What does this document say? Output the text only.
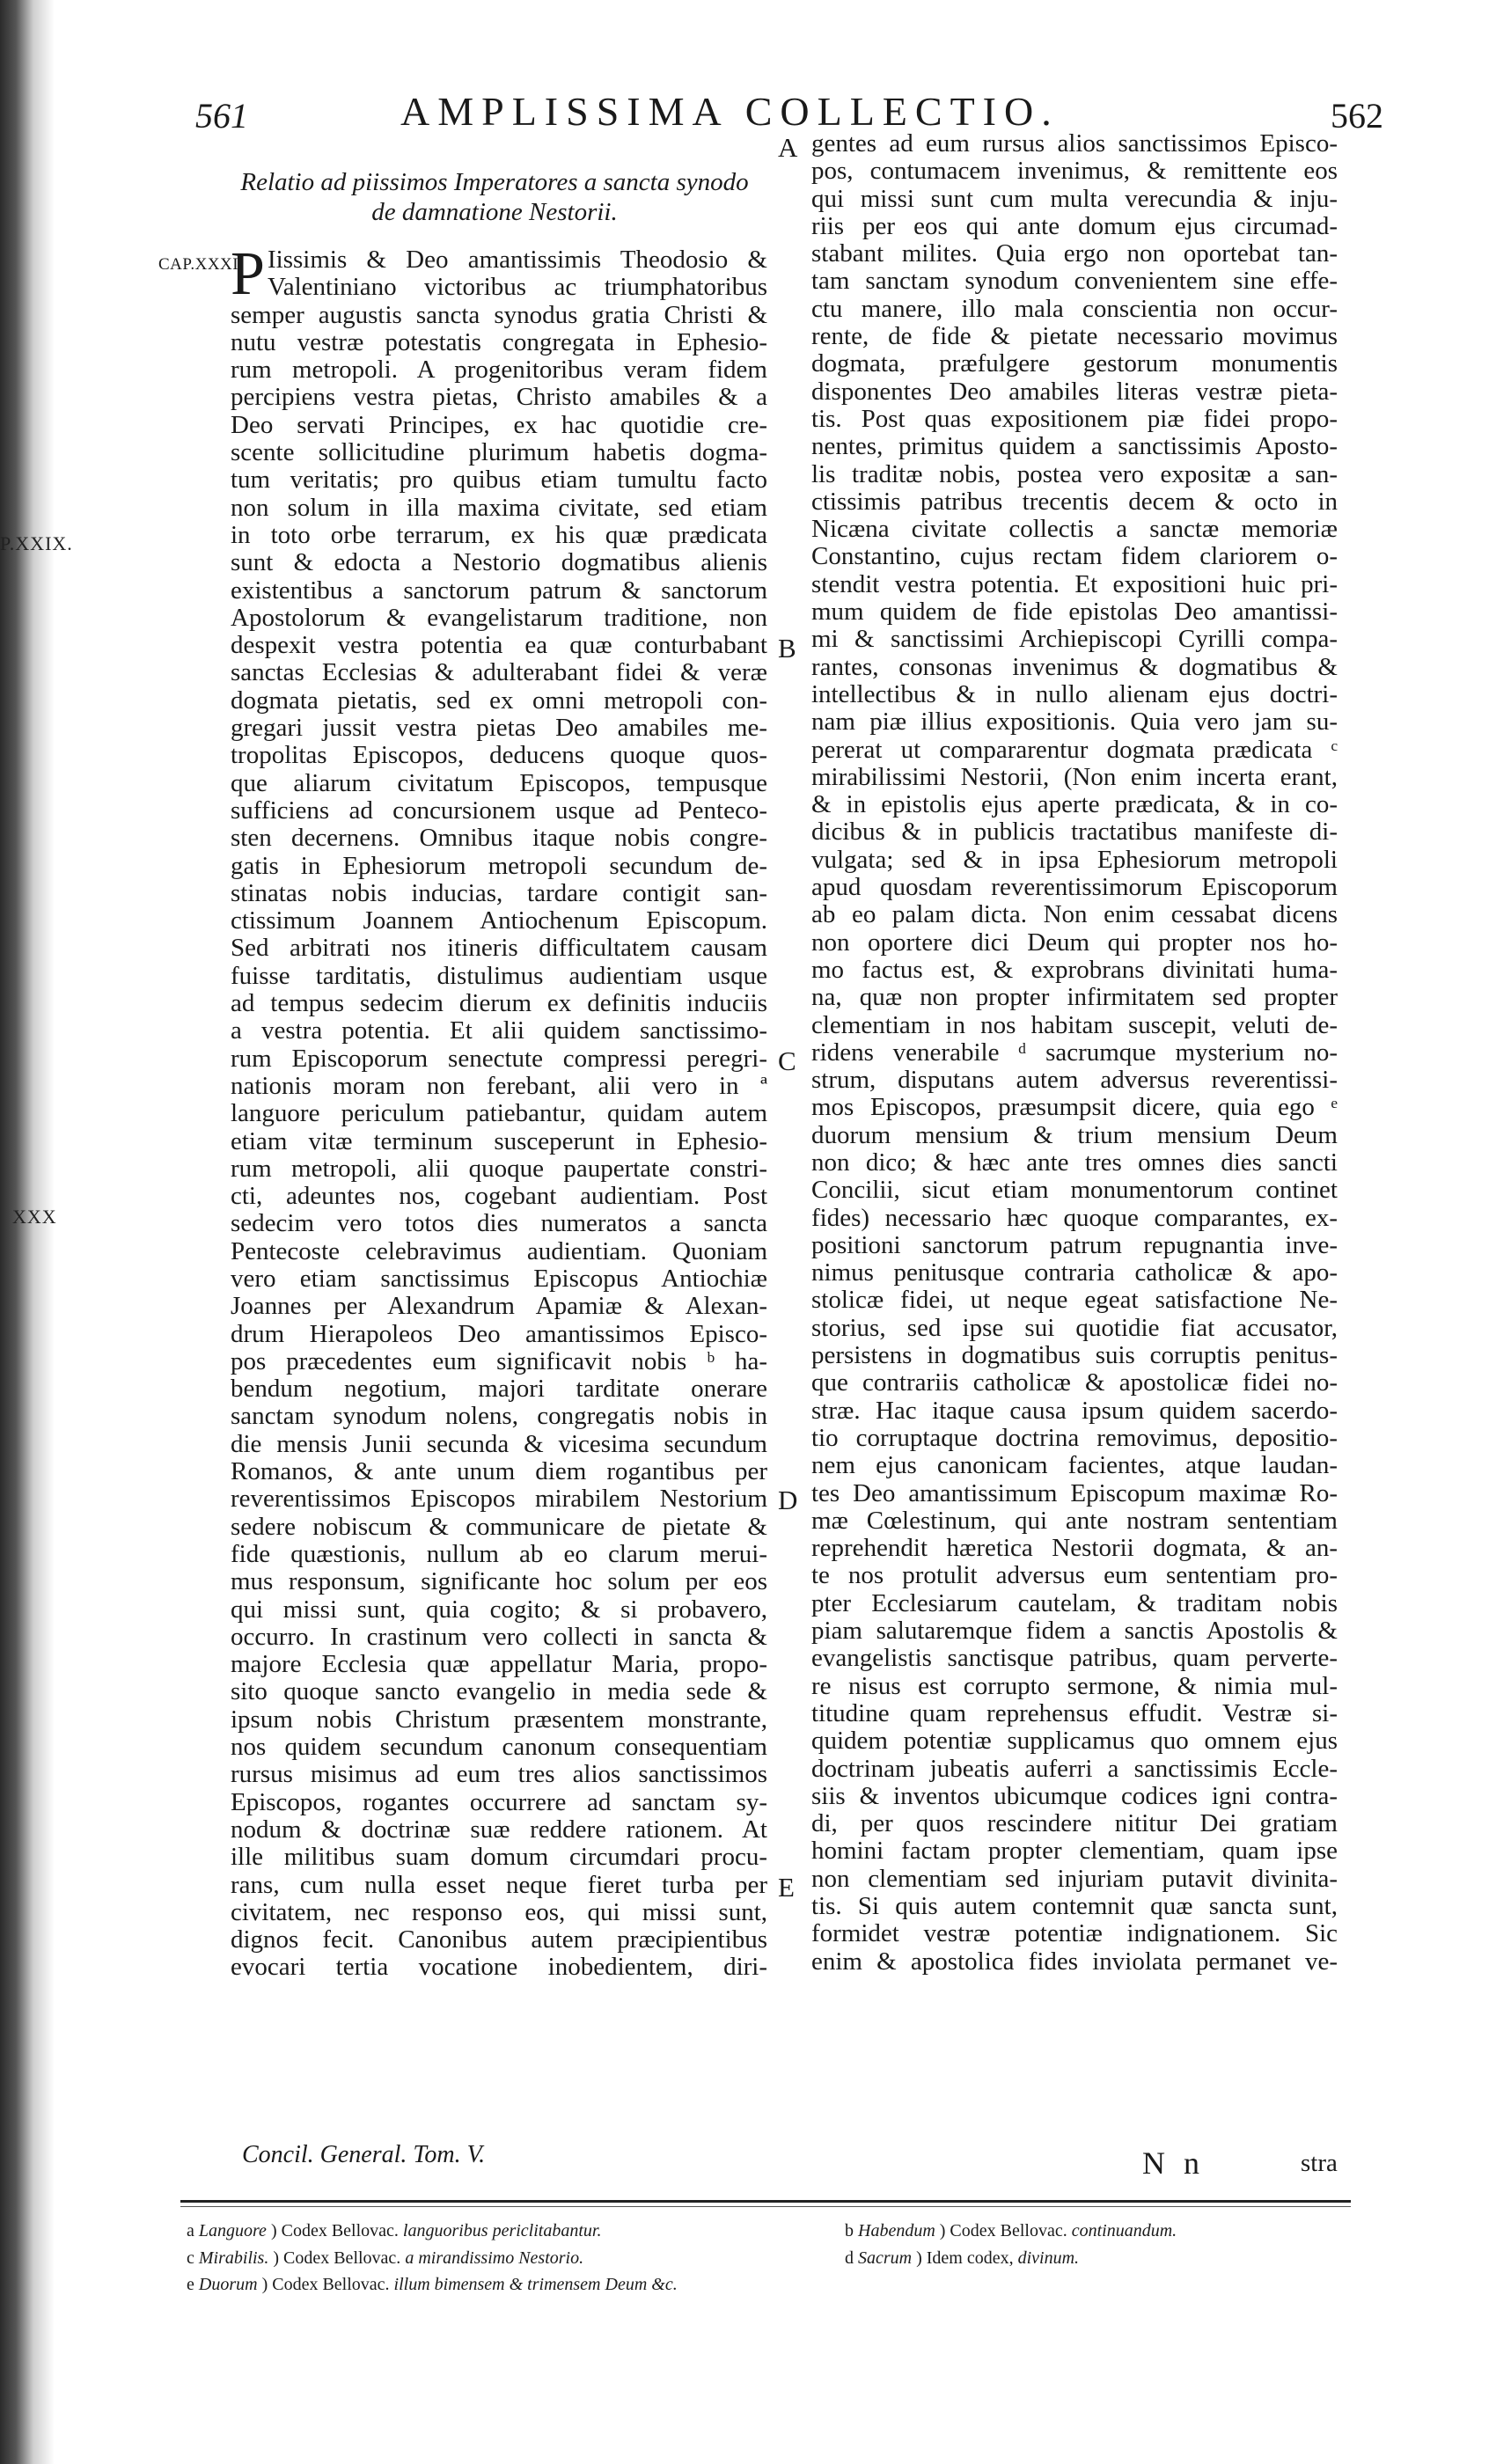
P.XXIX.
XXX
561	AMPLISSIMA COLLECTIO.	562
Relatio ad piissimos Imperatores a sancta synodo
de damnatione Nestorii.
CAP.XXXI.
P
A
B
C
D
E
Iissimis & Deo amantissimis Theodosio &
Valentiniano victoribus ac triumphatoribus
semper augustis sancta synodus gratia Christi &
nutu vestræ potestatis congregata in Ephesio-
rum metropoli. A progenitoribus veram fidem
percipiens vestra pietas, Christo amabiles & a
Deo servati Principes, ex hac quotidie cre-
scente sollicitudine plurimum habetis dogma-
tum veritatis; pro quibus etiam tumultu facto
non solum in illa maxima civitate, sed etiam
in toto orbe terrarum, ex his quæ prædicata
sunt & edocta a Nestorio dogmatibus alienis
existentibus a sanctorum patrum & sanctorum
Apostolorum & evangelistarum traditione, non
despexit vestra potentia ea quæ conturbabant
sanctas Ecclesias & adulterabant fidei & veræ
dogmata pietatis, sed ex omni metropoli con-
gregari jussit vestra pietas Deo amabiles me-
tropolitas Episcopos, deducens quoque quos-
que aliarum civitatum Episcopos, tempusque
sufficiens ad concursionem usque ad Penteco-
sten decernens. Omnibus itaque nobis congre-
gatis in Ephesiorum metropoli secundum de-
stinatas nobis inducias, tardare contigit san-
ctissimum Joannem Antiochenum Episcopum.
Sed arbitrati nos itineris difficultatem causam
fuisse tarditatis, distulimus audientiam usque
ad tempus sedecim dierum ex definitis induciis
a vestra potentia. Et alii quidem sanctissimo-
rum Episcoporum senectute compressi peregri-
nationis moram non ferebant, alii vero in ª
languore periculum patiebantur, quidam autem
etiam vitæ terminum susceperunt in Ephesio-
rum metropoli, alii quoque paupertate constri-
cti, adeuntes nos, cogebant audientiam. Post
sedecim vero totos dies numeratos a sancta
Pentecoste celebravimus audientiam. Quoniam
vero etiam sanctissimus Episcopus Antiochiæ
Joannes per Alexandrum Apamiæ & Alexan-
drum Hierapoleos Deo amantissimos Episco-
pos præcedentes eum significavit nobis ᵇ ha-
bendum negotium, majori tarditate onerare
sanctam synodum nolens, congregatis nobis in
die mensis Junii secunda & vicesima secundum
Romanos, & ante unum diem rogantibus per
reverentissimos Episcopos mirabilem Nestorium
sedere nobiscum & communicare de pietate &
fide quæstionis, nullum ab eo clarum merui-
mus responsum, significante hoc solum per eos
qui missi sunt, quia cogito; & si probavero,
occurro. In crastinum vero collecti in sancta &
majore Ecclesia quæ appellatur Maria, propo-
sito quoque sancto evangelio in media sede &
ipsum nobis Christum præsentem monstrante,
nos quidem secundum canonum consequentiam
rursus misimus ad eum tres alios sanctissimos
Episcopos, rogantes occurrere ad sanctam sy-
nodum & doctrinæ suæ reddere rationem. At
ille militibus suam domum circumdari procu-
rans, cum nulla esset neque fieret turba per
civitatem, nec responso eos, qui missi sunt,
dignos fecit. Canonibus autem præcipientibus
evocari tertia vocatione inobedientem, diri-
gentes ad eum rursus alios sanctissimos Episco-
pos, contumacem invenimus, & remittente eos
qui missi sunt cum multa verecundia & inju-
riis per eos qui ante domum ejus circumad-
stabant milites. Quia ergo non oportebat tan-
tam sanctam synodum convenientem sine effe-
ctu manere, illo mala conscientia non occur-
rente, de fide & pietate necessario movimus
dogmata, præfulgere gestorum monumentis
disponentes Deo amabiles literas vestræ pieta-
tis. Post quas expositionem piæ fidei propo-
nentes, primitus quidem a sanctissimis Aposto-
lis traditæ nobis, postea vero expositæ a san-
ctissimis patribus trecentis decem & octo in
Nicæna civitate collectis a sanctæ memoriæ
Constantino, cujus rectam fidem clariorem o-
stendit vestra potentia. Et expositioni huic pri-
mum quidem de fide epistolas Deo amantissi-
mi & sanctissimi Archiepiscopi Cyrilli compa-
rantes, consonas invenimus & dogmatibus &
intellectibus & in nullo alienam ejus doctri-
nam piæ illius expositionis. Quia vero jam su-
pererat ut compararentur dogmata prædicata ᶜ
mirabilissimi Nestorii, (Non enim incerta erant,
& in epistolis ejus aperte prædicata, & in co-
dicibus & in publicis tractatibus manifeste di-
vulgata; sed & in ipsa Ephesiorum metropoli
apud quosdam reverentissimorum Episcoporum
ab eo palam dicta. Non enim cessabat dicens
non oportere dici Deum qui propter nos ho-
mo factus est, & exprobrans divinitati huma-
na, quæ non propter infirmitatem sed propter
clementiam in nos habitam suscepit, veluti de-
ridens venerabile ᵈ sacrumque mysterium no-
strum, disputans autem adversus reverentissi-
mos Episcopos, præsumpsit dicere, quia ego ᵉ
duorum mensium & trium mensium Deum
non dico; & hæc ante tres omnes dies sancti
Concilii, sicut etiam monumentorum continet
fides) necessario hæc quoque comparantes, ex-
positioni sanctorum patrum repugnantia inve-
nimus penitusque contraria catholicæ & apo-
stolicæ fidei, ut neque egeat satisfactione Ne-
storius, sed ipse sui quotidie fiat accusator,
persistens in dogmatibus suis corruptis penitus-
que contrariis catholicæ & apostolicæ fidei no-
stræ. Hac itaque causa ipsum quidem sacerdo-
tio corruptaque doctrina removimus, depositio-
nem ejus canonicam facientes, atque laudan-
tes Deo amantissimum Episcopum maximæ Ro-
mæ Cœlestinum, qui ante nostram sententiam
reprehendit hæretica Nestorii dogmata, & an-
te nos protulit adversus eum sententiam pro-
pter Ecclesiarum cautelam, & traditam nobis
piam salutaremque fidem a sanctis Apostolis &
evangelistis sanctisque patribus, quam perverte-
re nisus est corrupto sermone, & nimia mul-
titudine quam reprehensus effudit. Vestræ si-
quidem potentiæ supplicamus quo omnem ejus
doctrinam jubeatis auferri a sanctissimis Eccle-
siis & inventos ubicumque codices igni contra-
di, per quos rescindere nititur Dei gratiam
homini factam propter clementiam, quam ipse
non clementiam sed injuriam putavit divinita-
tis. Si quis autem contemnit quæ sancta sunt,
formidet vestræ potentiæ indignationem. Sic
enim & apostolica fides inviolata permanet ve-
Concil. General. Tom. V.	N n	stra
a Languore ) Codex Bellovac. languoribus periclitabantur.	b Habendum ) Codex Bellovac. continuandum.
c Mirabilis. ) Codex Bellovac. a mirandissimo Nestorio.	d Sacrum ) Idem codex, divinum.
e Duorum ) Codex Bellovac. illum bimensem & trimensem Deum &c.
